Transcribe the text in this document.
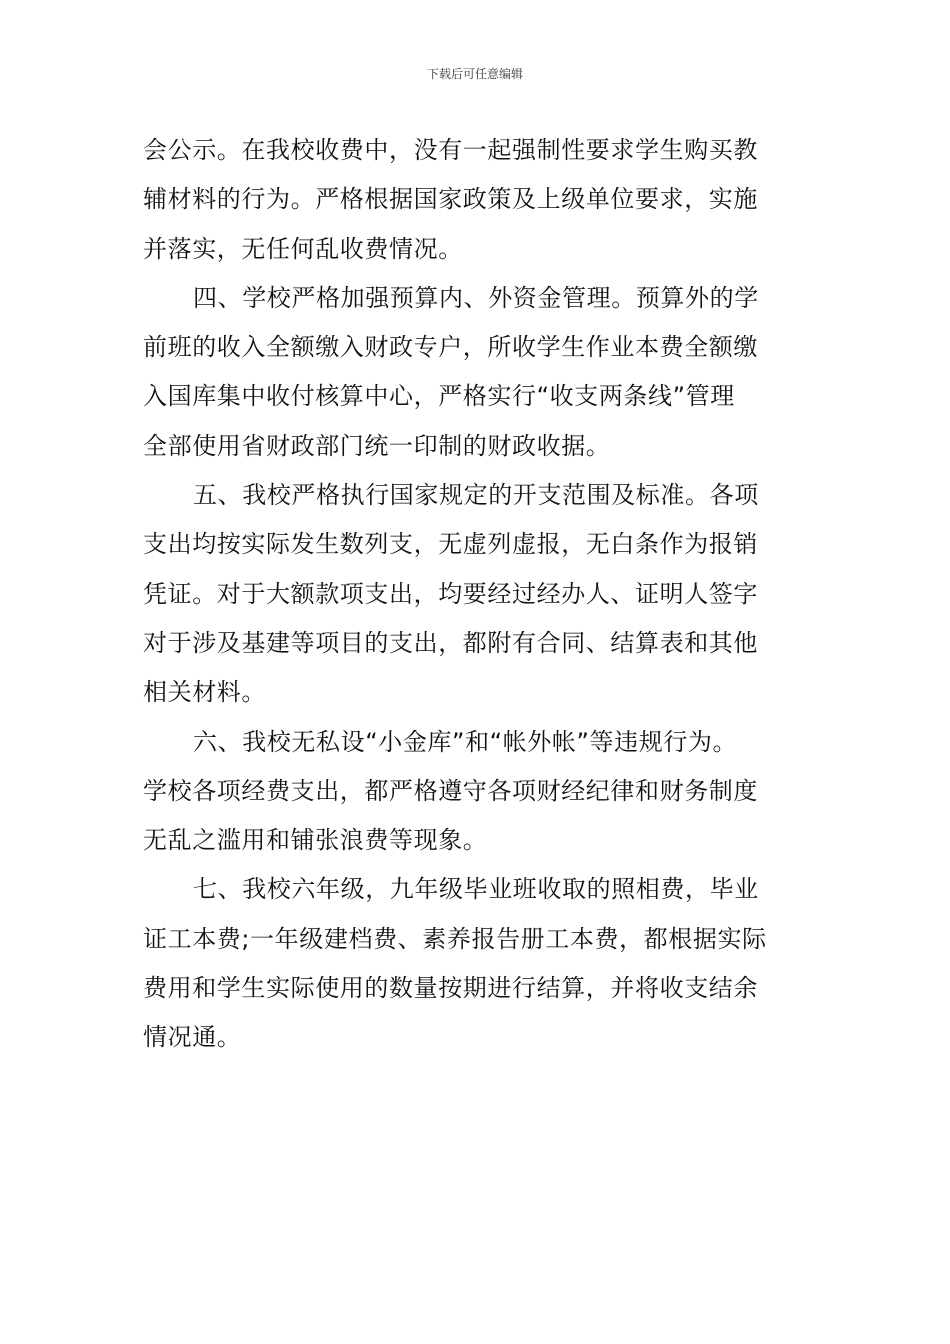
下载后可任意编辑
会公示。在我校收费中，没有一起强制性要求学生购买教
辅材料的行为。严格根据国家政策及上级单位要求，实施
并落实，无任何乱收费情况。
四、学校严格加强预算内、外资金管理。预算外的学
前班的收入全额缴入财政专户，所收学生作业本费全额缴
入国库集中收付核算中心，严格实行“收支两条线”管理
全部使用省财政部门统一印制的财政收据。
五、我校严格执行国家规定的开支范围及标准。各项
支出均按实际发生数列支，无虚列虚报，无白条作为报销
凭证。对于大额款项支出，均要经过经办人、证明人签字
对于涉及基建等项目的支出，都附有合同、结算表和其他
相关材料。
六、我校无私设“小金库”和“帐外帐”等违规行为。
学校各项经费支出，都严格遵守各项财经纪律和财务制度
无乱之滥用和铺张浪费等现象。
七、我校六年级，九年级毕业班收取的照相费，毕业
证工本费;一年级建档费、素养报告册工本费，都根据实际
费用和学生实际使用的数量按期进行结算，并将收支结余
情况通。
